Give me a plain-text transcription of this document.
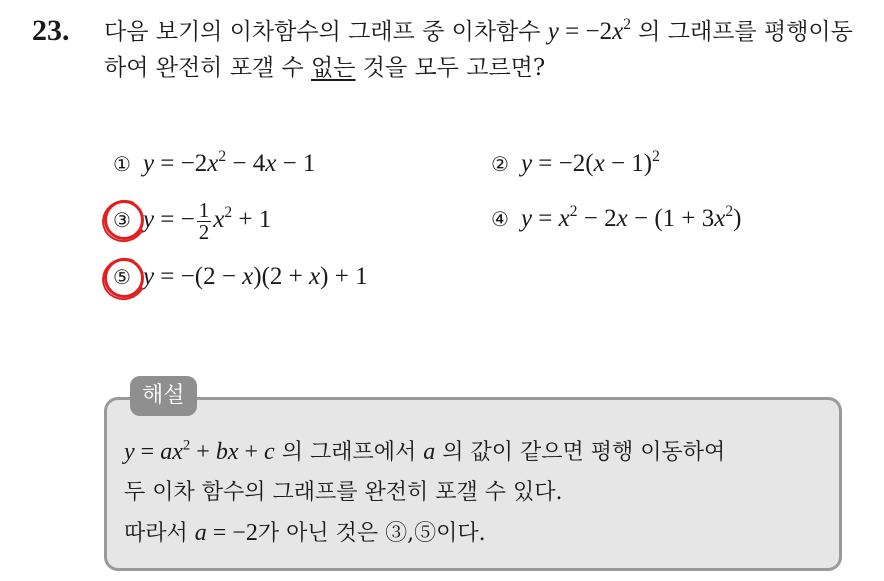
23. 다음 보기의 이차함수의 그래프 중 이차함수 $y = -2x^2$ 의 그래프를 평행이동하여 완전히 포갤 수 없는 것을 모두 고르면?
① $y = -2x^2 - 4x - 1$	② $y = -2(x - 1)^2$
③ y = − $\frac{1}{2} x^2 + 1$	④ $y = x^2 - 2x - (1 + 3x^2)$
⑤ y = −(2 − x)(2 + x) + 1
해설
$y = ax^2$ + bx + c 의 그래프에서 a 의 값이 같으면 평행 이동하여
두 이차 함수의 그래프를 완전히 포갤 수 있다.
따라서 a = −2가 아닌 것은 ③,⑤이다.
